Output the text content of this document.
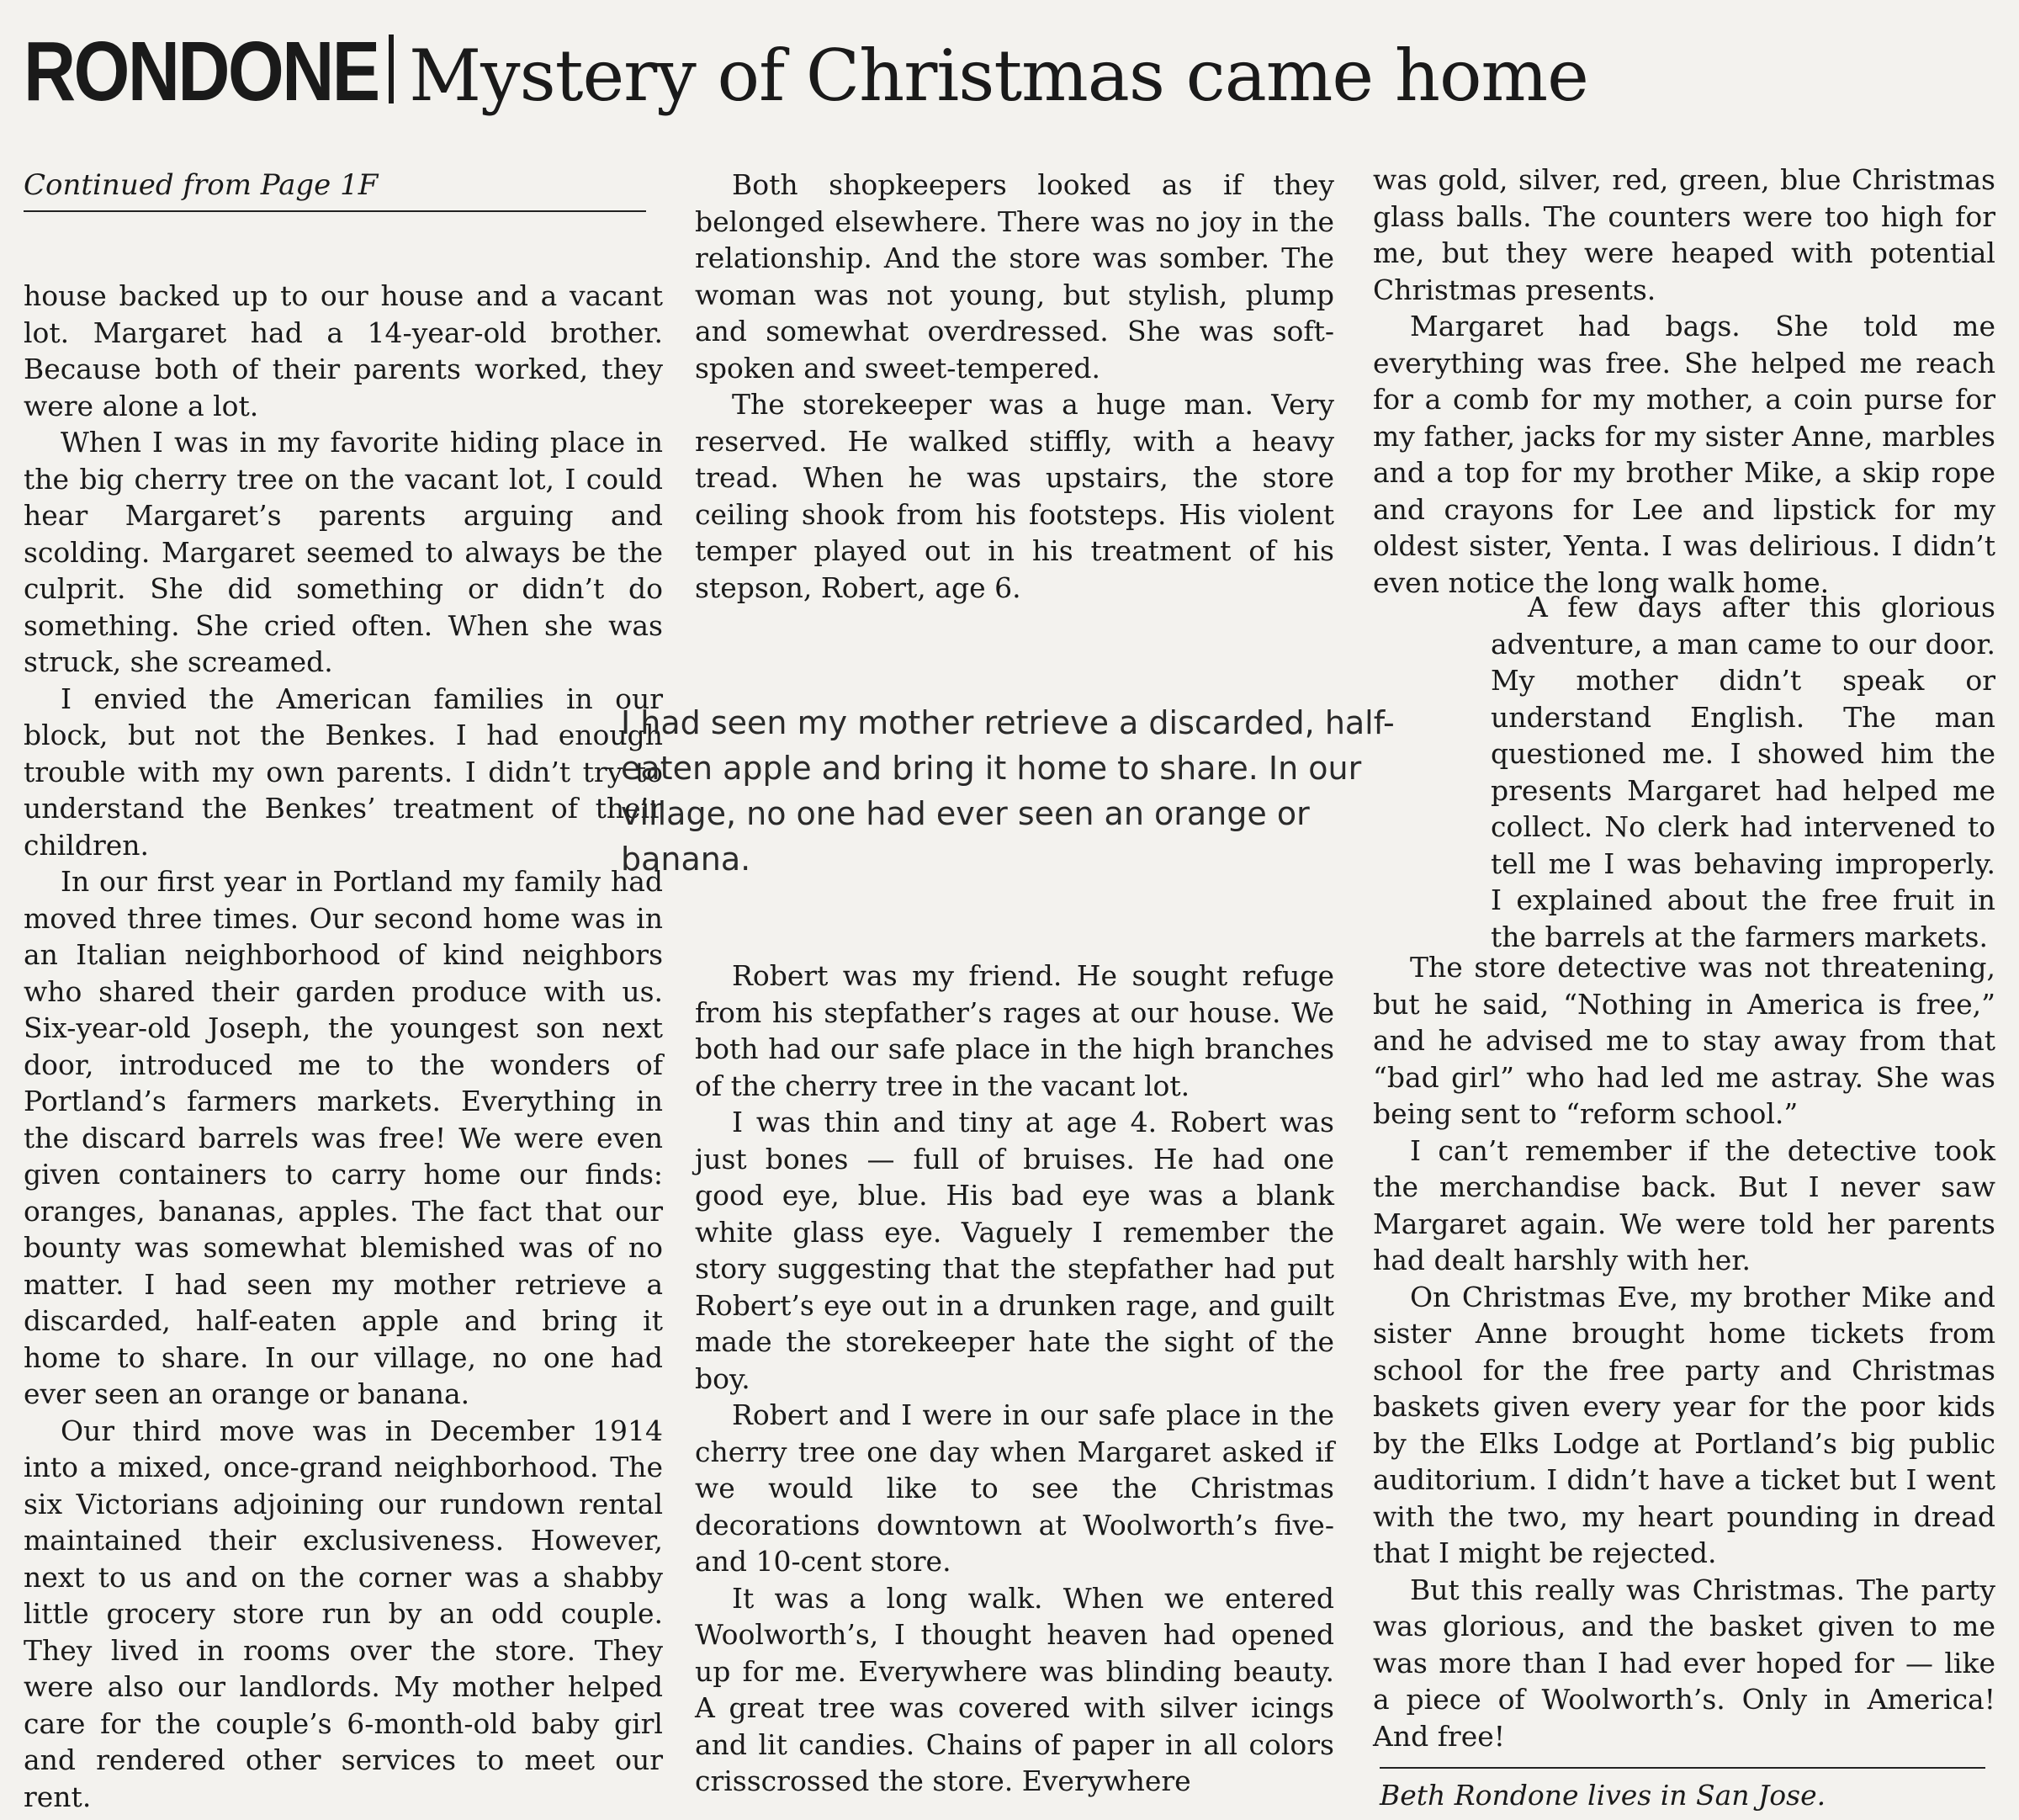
RONDONE Mystery of Christmas came home
Continued from Page 1F

house backed up to our house and a vacant lot. Margaret had a 14-year-old brother. Because both of their parents worked, they were alone a lot.

When I was in my favorite hiding place in the big cherry tree on the vacant lot, I could hear Margaret’s parents arguing and scolding. Margaret seemed to always be the culprit. She did something or didn’t do something. She cried often. When she was struck, she screamed.

I envied the American families in our block, but not the Benkes. I had enough trouble with my own parents. I didn’t try to understand the Benkes’ treatment of their children.

In our first year in Portland my family had moved three times. Our second home was in an Italian neighborhood of kind neighbors who shared their garden produce with us. Six-year-old Joseph, the youngest son next door, introduced me to the wonders of Portland’s farmers markets. Everything in the discard barrels was free! We were even given containers to carry home our finds: oranges, bananas, apples. The fact that our bounty was somewhat blemished was of no matter. I had seen my mother retrieve a discarded, half-eaten apple and bring it home to share. In our village, no one had ever seen an orange or banana.

Our third move was in December 1914 into a mixed, once-grand neighborhood. The six Victorians adjoining our rundown rental maintained their exclusiveness. However, next to us and on the corner was a shabby little grocery store run by an odd couple. They lived in rooms over the store. They were also our landlords. My mother helped care for the couple’s 6-month-old baby girl and rendered other services to meet our rent.

Both shopkeepers looked as if they belonged elsewhere. There was no joy in the relationship. And the store was somber. The woman was not young, but stylish, plump and somewhat overdressed. She was soft-spoken and sweet-tempered.

The storekeeper was a huge man. Very reserved. He walked stiffly, with a heavy tread. When he was upstairs, the store ceiling shook from his footsteps. His violent temper played out in his treatment of his stepson, Robert, age 6.

I had seen my mother retrieve a discarded, half-eaten apple and bring it home to share. In our village, no one had ever seen an orange or banana.

Robert was my friend. He sought refuge from his stepfather’s rages at our house. We both had our safe place in the high branches of the cherry tree in the vacant lot.

I was thin and tiny at age 4. Robert was just bones — full of bruises. He had one good eye, blue. His bad eye was a blank white glass eye. Vaguely I remember the story suggesting that the stepfather had put Robert’s eye out in a drunken rage, and guilt made the storekeeper hate the sight of the boy.

Robert and I were in our safe place in the cherry tree one day when Margaret asked if we would like to see the Christmas decorations downtown at Woolworth’s five- and 10-cent store.

It was a long walk. When we entered Woolworth’s, I thought heaven had opened up for me. Everywhere was blinding beauty. A great tree was covered with silver icings and lit candies. Chains of paper in all colors crisscrossed the store. Everywhere

was gold, silver, red, green, blue Christmas glass balls. The counters were too high for me, but they were heaped with potential Christmas presents.

Margaret had bags. She told me everything was free. She helped me reach for a comb for my mother, a coin purse for my father, jacks for my sister Anne, marbles and a top for my brother Mike, a skip rope and crayons for Lee and lipstick for my oldest sister, Yenta. I was delirious. I didn’t even notice the long walk home.

A few days after this glorious adventure, a man came to our door. My mother didn’t speak or understand English. The man questioned me. I showed him the presents Margaret had helped me collect. No clerk had intervened to tell me I was behaving improperly. I explained about the free fruit in the barrels at the farmers markets.

The store detective was not threatening, but he said, “Nothing in America is free,” and he advised me to stay away from that “bad girl” who had led me astray. She was being sent to “reform school.”

I can’t remember if the detective took the merchandise back. But I never saw Margaret again. We were told her parents had dealt harshly with her.

On Christmas Eve, my brother Mike and sister Anne brought home tickets from school for the free party and Christmas baskets given every year for the poor kids by the Elks Lodge at Portland’s big public auditorium. I didn’t have a ticket but I went with the two, my heart pounding in dread that I might be rejected.

But this really was Christmas. The party was glorious, and the basket given to me was more than I had ever hoped for — like a piece of Woolworth’s. Only in America! And free!

Beth Rondone lives in San Jose.
